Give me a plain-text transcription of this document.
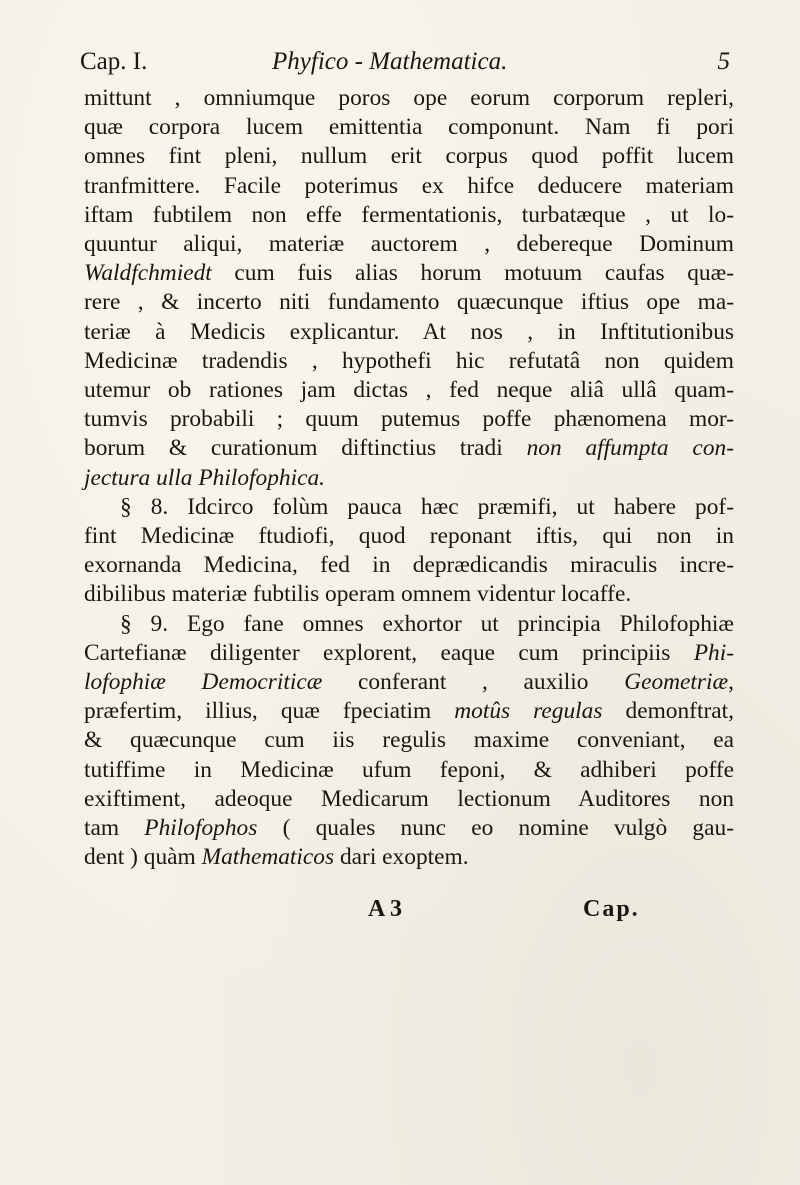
Cap. I.	Phyfico - Mathematica.	5
mittunt , omniumque poros ope eorum corporum repleri,
quæ corpora lucem emittentia componunt. Nam fi pori
omnes fint pleni, nullum erit corpus quod poffit lucem
tranfmittere. Facile poterimus ex hifce deducere materiam
iftam fubtilem non effe fermentationis, turbatæque , ut lo-
quuntur aliqui, materiæ auctorem , debereque Dominum
Waldfchmiedt cum fuis alias horum motuum caufas quæ-
rere , & incerto niti fundamento quæcunque iftius ope ma-
teriæ à Medicis explicantur. At nos , in Inftitutionibus
Medicinæ tradendis , hypothefi hic refutatâ non quidem
utemur ob rationes jam dictas , fed neque aliâ ullâ quam-
tumvis probabili ; quum putemus poffe phænomena mor-
borum & curationum diftinctius tradi non affumpta con-
jectura ulla Philofophica.
§ 8. Idcirco folùm pauca hæc præmifi, ut habere pof-
fint Medicinæ ftudiofi, quod reponant iftis, qui non in
exornanda Medicina, fed in deprædicandis miraculis incre-
dibilibus materiæ fubtilis operam omnem videntur locaffe.
§ 9. Ego fane omnes exhortor ut principia Philofophiæ
Cartefianæ diligenter explorent, eaque cum principiis Phi-
lofophiæ Democriticæ conferant , auxilio Geometriæ,
præfertim, illius, quæ fpeciatim motûs regulas demonftrat,
& quæcunque cum iis regulis maxime conveniant, ea
tutiffime in Medicinæ ufum feponi, & adhiberi poffe
exiftiment, adeoque Medicarum lectionum Auditores non
tam Philofophos ( quales nunc eo nomine vulgò gau-
dent ) quàm Mathematicos dari exoptem.
A 3	Cap.
